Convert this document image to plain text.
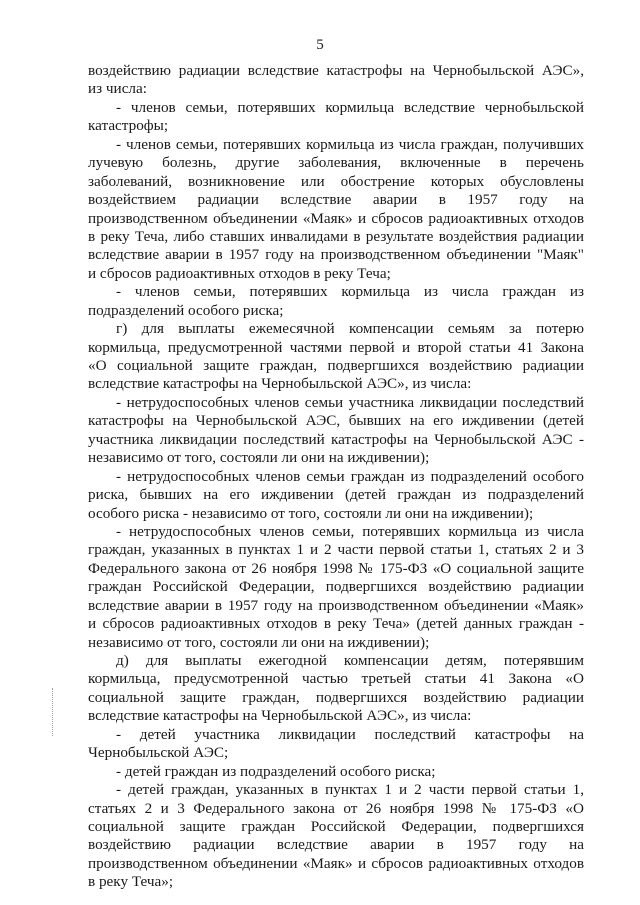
5
воздействию радиации вследствие катастрофы на Чернобыльской АЭС»,
из числа:
- членов семьи, потерявших кормильца вследствие чернобыльской
катастрофы;
- членов семьи, потерявших кормильца из числа граждан, получивших
лучевую болезнь, другие заболевания, включенные в перечень
заболеваний, возникновение или обострение которых обусловлены
воздействием радиации вследствие аварии в 1957 году на
производственном объединении «Маяк» и сбросов радиоактивных отходов
в реку Теча, либо ставших инвалидами в результате воздействия радиации
вследствие аварии в 1957 году на производственном объединении "Маяк"
и сбросов радиоактивных отходов в реку Теча;
- членов семьи, потерявших кормильца из числа граждан из
подразделений особого риска;
г) для выплаты ежемесячной компенсации семьям за потерю
кормильца, предусмотренной частями первой и второй статьи 41 Закона
«О социальной защите граждан, подвергшихся воздействию радиации
вследствие катастрофы на Чернобыльской АЭС», из числа:
- нетрудоспособных членов семьи участника ликвидации последствий
катастрофы на Чернобыльской АЭС, бывших на его иждивении (детей
участника ликвидации последствий катастрофы на Чернобыльской АЭС -
независимо от того, состояли ли они на иждивении);
- нетрудоспособных членов семьи граждан из подразделений особого
риска, бывших на его иждивении (детей граждан из подразделений
особого риска - независимо от того, состояли ли они на иждивении);
- нетрудоспособных членов семьи, потерявших кормильца из числа
граждан, указанных в пунктах 1 и 2 части первой статьи 1, статьях 2 и 3
Федерального закона от 26 ноября 1998 № 175-ФЗ «О социальной защите
граждан Российской Федерации, подвергшихся воздействию радиации
вследствие аварии в 1957 году на производственном объединении «Маяк»
и сбросов радиоактивных отходов в реку Теча» (детей данных граждан -
независимо от того, состояли ли они на иждивении);
д) для выплаты ежегодной компенсации детям, потерявшим
кормильца, предусмотренной частью третьей статьи 41 Закона «О
социальной защите граждан, подвергшихся воздействию радиации
вследствие катастрофы на Чернобыльской АЭС», из числа:
- детей участника ликвидации последствий катастрофы на
Чернобыльской АЭС;
- детей граждан из подразделений особого риска;
- детей граждан, указанных в пунктах 1 и 2 части первой статьи 1,
статьях 2 и 3 Федерального закона от 26 ноября 1998 № 175-ФЗ «О
социальной защите граждан Российской Федерации, подвергшихся
воздействию радиации вследствие аварии в 1957 году на
производственном объединении «Маяк» и сбросов радиоактивных отходов
в реку Теча»;
